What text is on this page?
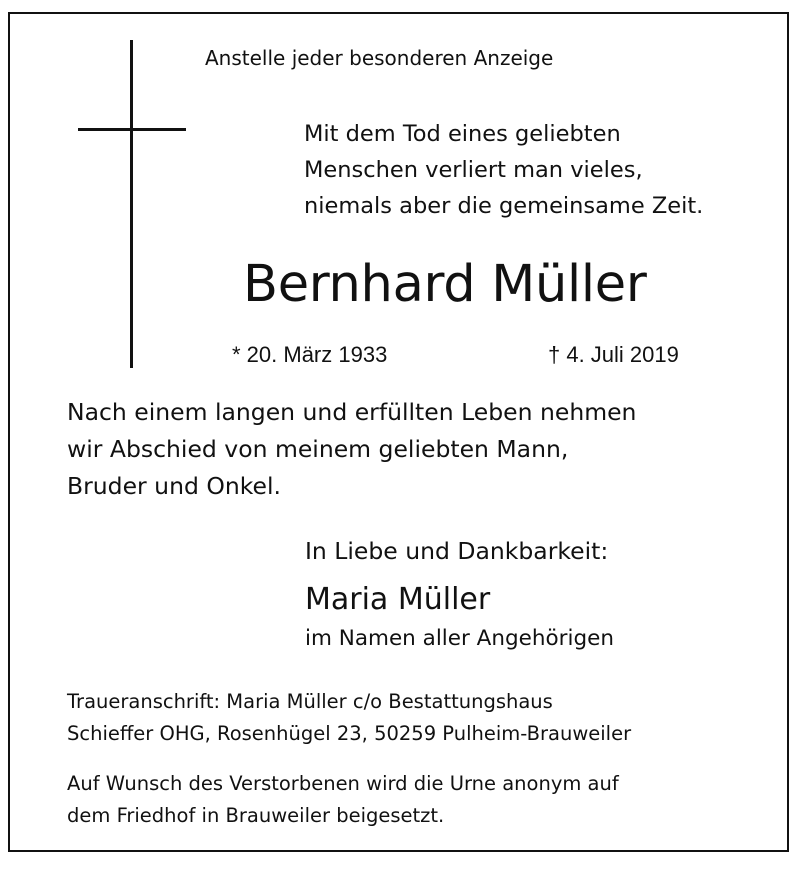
Anstelle jeder besonderen Anzeige
Mit dem Tod eines geliebten
Menschen verliert man vieles,
niemals aber die gemeinsame Zeit.
Bernhard Müller
* 20. März 1933	† 4. Juli 2019
Nach einem langen und erfüllten Leben nehmen
wir Abschied von meinem geliebten Mann,
Bruder und Onkel.
In Liebe und Dankbarkeit:
Maria Müller
im Namen aller Angehörigen
Traueranschrift: Maria Müller c/o Bestattungshaus
Schieffer OHG, Rosenhügel 23, 50259 Pulheim-Brauweiler
Auf Wunsch des Verstorbenen wird die Urne anonym auf
dem Friedhof in Brauweiler beigesetzt.
